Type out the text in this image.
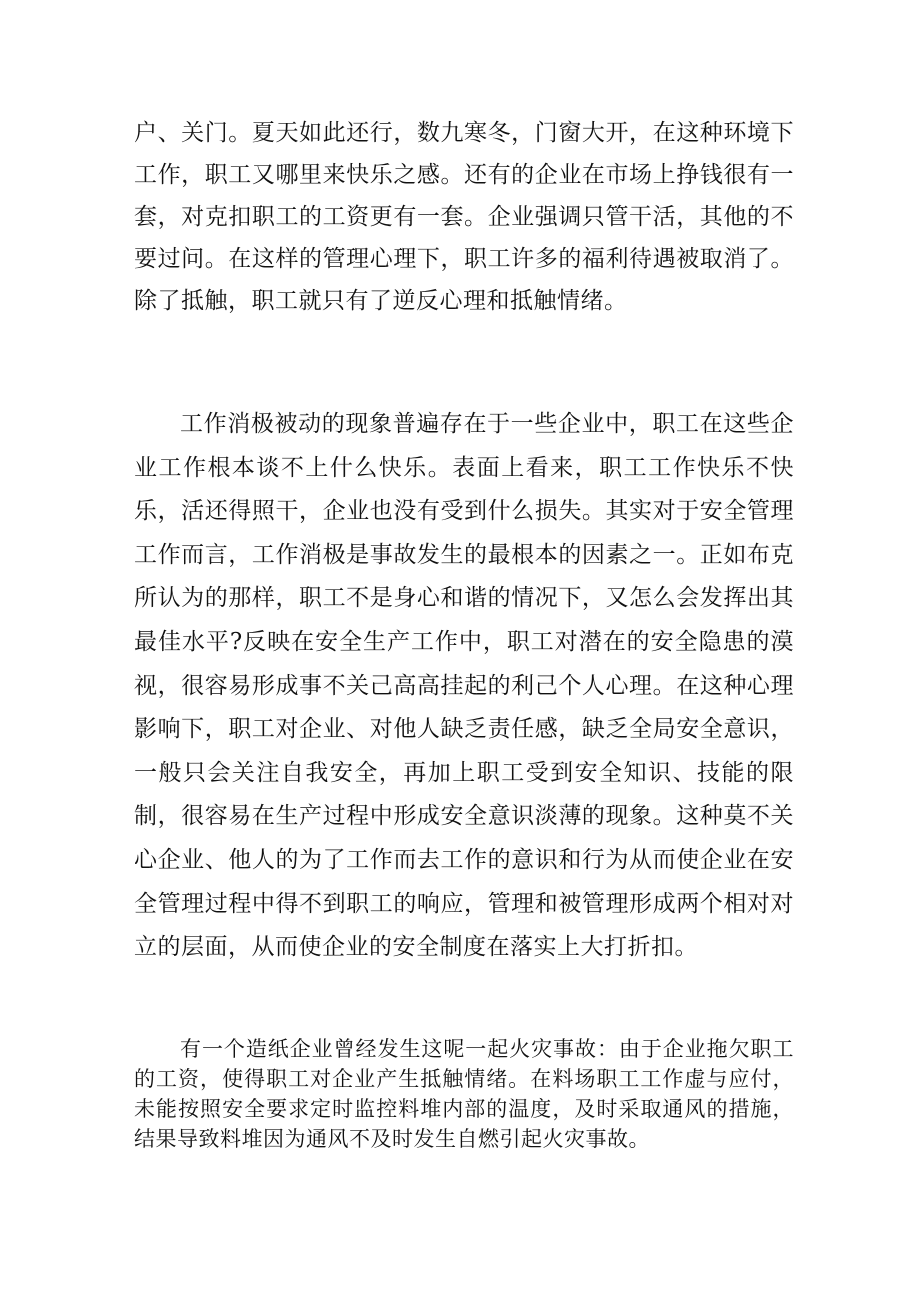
户、关门。夏天如此还行，数九寒冬，门窗大开，在这种环境下工作，职工又哪里来快乐之感。还有的企业在市场上挣钱很有一套，对克扣职工的工资更有一套。企业强调只管干活，其他的不要过问。在这样的管理心理下，职工许多的福利待遇被取消了。除了抵触，职工就只有了逆反心理和抵触情绪。

工作消极被动的现象普遍存在于一些企业中，职工在这些企业工作根本谈不上什么快乐。表面上看来，职工工作快乐不快乐，活还得照干，企业也没有受到什么损失。其实对于安全管理工作而言，工作消极是事故发生的最根本的因素之一。正如布克所认为的那样，职工不是身心和谐的情况下，又怎么会发挥出其最佳水平?反映在安全生产工作中，职工对潜在的安全隐患的漠视，很容易形成事不关己高高挂起的利己个人心理。在这种心理影响下，职工对企业、对他人缺乏责任感，缺乏全局安全意识，一般只会关注自我安全，再加上职工受到安全知识、技能的限制，很容易在生产过程中形成安全意识淡薄的现象。这种莫不关心企业、他人的为了工作而去工作的意识和行为从而使企业在安全管理过程中得不到职工的响应，管理和被管理形成两个相对对立的层面，从而使企业的安全制度在落实上大打折扣。

有一个造纸企业曾经发生这呢一起火灾事故：由于企业拖欠职工的工资，使得职工对企业产生抵触情绪。在料场职工工作虚与应付，未能按照安全要求定时监控料堆内部的温度，及时采取通风的措施，结果导致料堆因为通风不及时发生自燃引起火灾事故。
